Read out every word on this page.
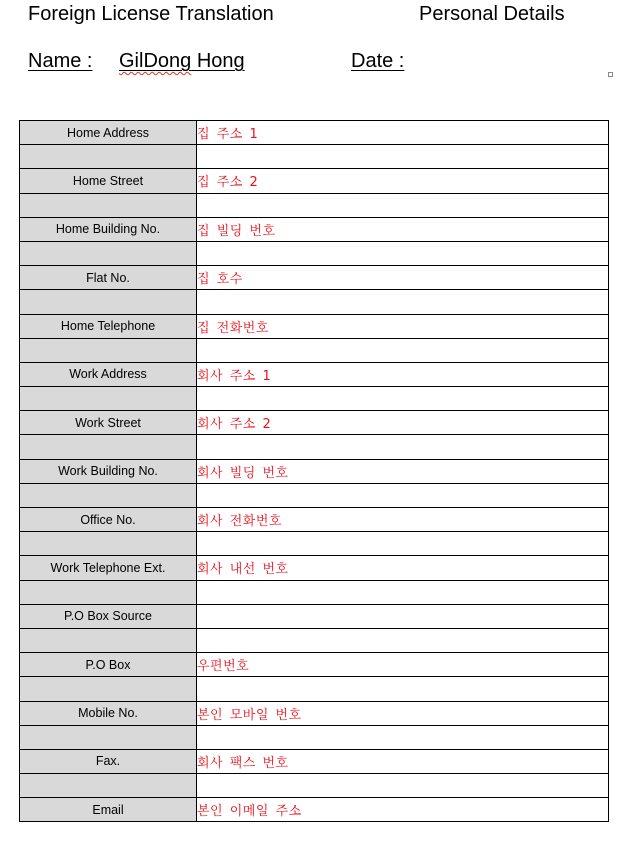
Foreign License Translation	Personal Details
Name : GilDong Hong	Date :
Home Address	집 주소 1

Home Street	집 주소 2

Home Building No.	집 빌딩 번호

Flat No.	집 호수

Home Telephone	집 전화번호

Work Address	회사 주소 1

Work Street	회사 주소 2

Work Building No.	회사 빌딩 번호

Office No.	회사 전화번호

Work Telephone Ext.	회사 내선 번호

P.O Box Source	

P.O Box	우편번호

Mobile No.	본인 모바일 번호

Fax.	회사 팩스 번호

Email	본인 이메일 주소
